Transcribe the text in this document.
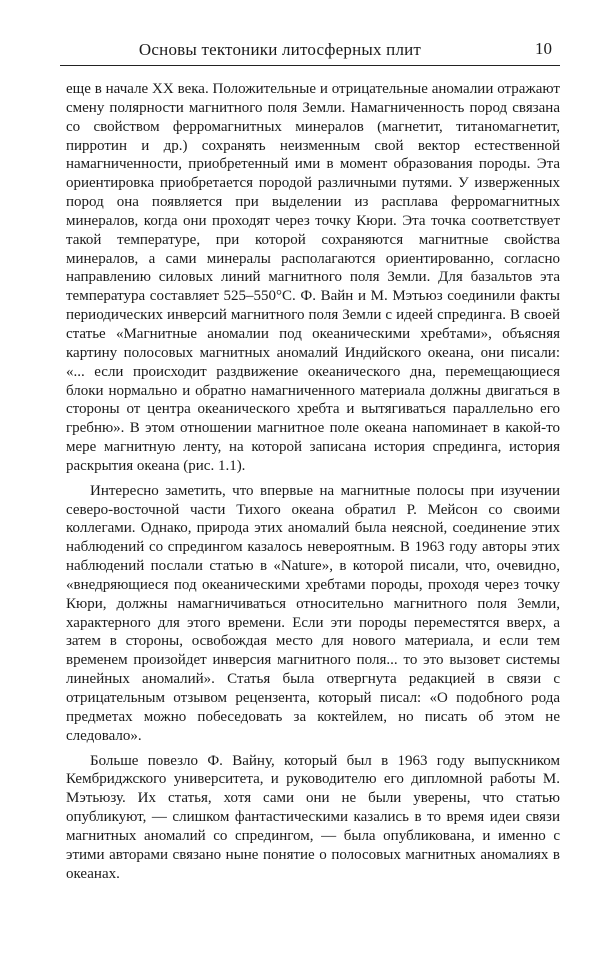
Основы тектоники литосферных плит	10

еще в начале XX века. Положительные и отрицательные аномалии отражают смену полярности магнитного поля Земли. Намагниченность пород связана со свойством ферромагнитных минералов (магнетит, титаномагнетит, пирротин и др.) сохранять неизменным свой вектор естественной намагниченности, приобретенный ими в момент образования породы. Эта ориентировка приобретается породой различными путями. У изверженных пород она появляется при выделении из расплава ферромагнитных минералов, когда они проходят через точку Кюри. Эта точка соответствует такой температуре, при которой сохраняются магнитные свойства минералов, а сами минералы располагаются ориентированно, согласно направлению силовых линий магнитного поля Земли. Для базальтов эта температура составляет 525–550°С. Ф. Вайн и М. Мэтьюз соединили факты периодических инверсий магнитного поля Земли с идеей спрединга. В своей статье «Магнитные аномалии под океаническими хребтами», объясняя картину полосовых магнитных аномалий Индийского океана, они писали: «... если происходит раздвижение океанического дна, перемещающиеся блоки нормально и обратно намагниченного материала должны двигаться в стороны от центра океанического хребта и вытягиваться параллельно его гребню». В этом отношении магнитное поле океана напоминает в какой-то мере магнитную ленту, на которой записана история спрединга, история раскрытия океана (рис. 1.1).

Интересно заметить, что впервые на магнитные полосы при изучении северо-восточной части Тихого океана обратил Р. Мейсон со своими коллегами. Однако, природа этих аномалий была неясной, соединение этих наблюдений со спредингом казалось невероятным. В 1963 году авторы этих наблюдений послали статью в «Nature», в которой писали, что, очевидно, «внедряющиеся под океаническими хребтами породы, проходя через точку Кюри, должны намагничиваться относительно магнитного поля Земли, характерного для этого времени. Если эти породы переместятся вверх, а затем в стороны, освобождая место для нового материала, и если тем временем произойдет инверсия магнитного поля... то это вызовет системы линейных аномалий». Статья была отвергнута редакцией в связи с отрицательным отзывом рецензента, который писал: «О подобного рода предметах можно побеседовать за коктейлем, но писать об этом не следовало».

Больше повезло Ф. Вайну, который был в 1963 году выпускником Кембриджского университета, и руководителю его дипломной работы М. Мэтьюзу. Их статья, хотя сами они не были уверены, что статью опубликуют, — слишком фантастическими казались в то время идеи связи магнитных аномалий со спредингом, — была опубликована, и именно с этими авторами связано ныне понятие о полосовых магнитных аномалиях в океанах.
